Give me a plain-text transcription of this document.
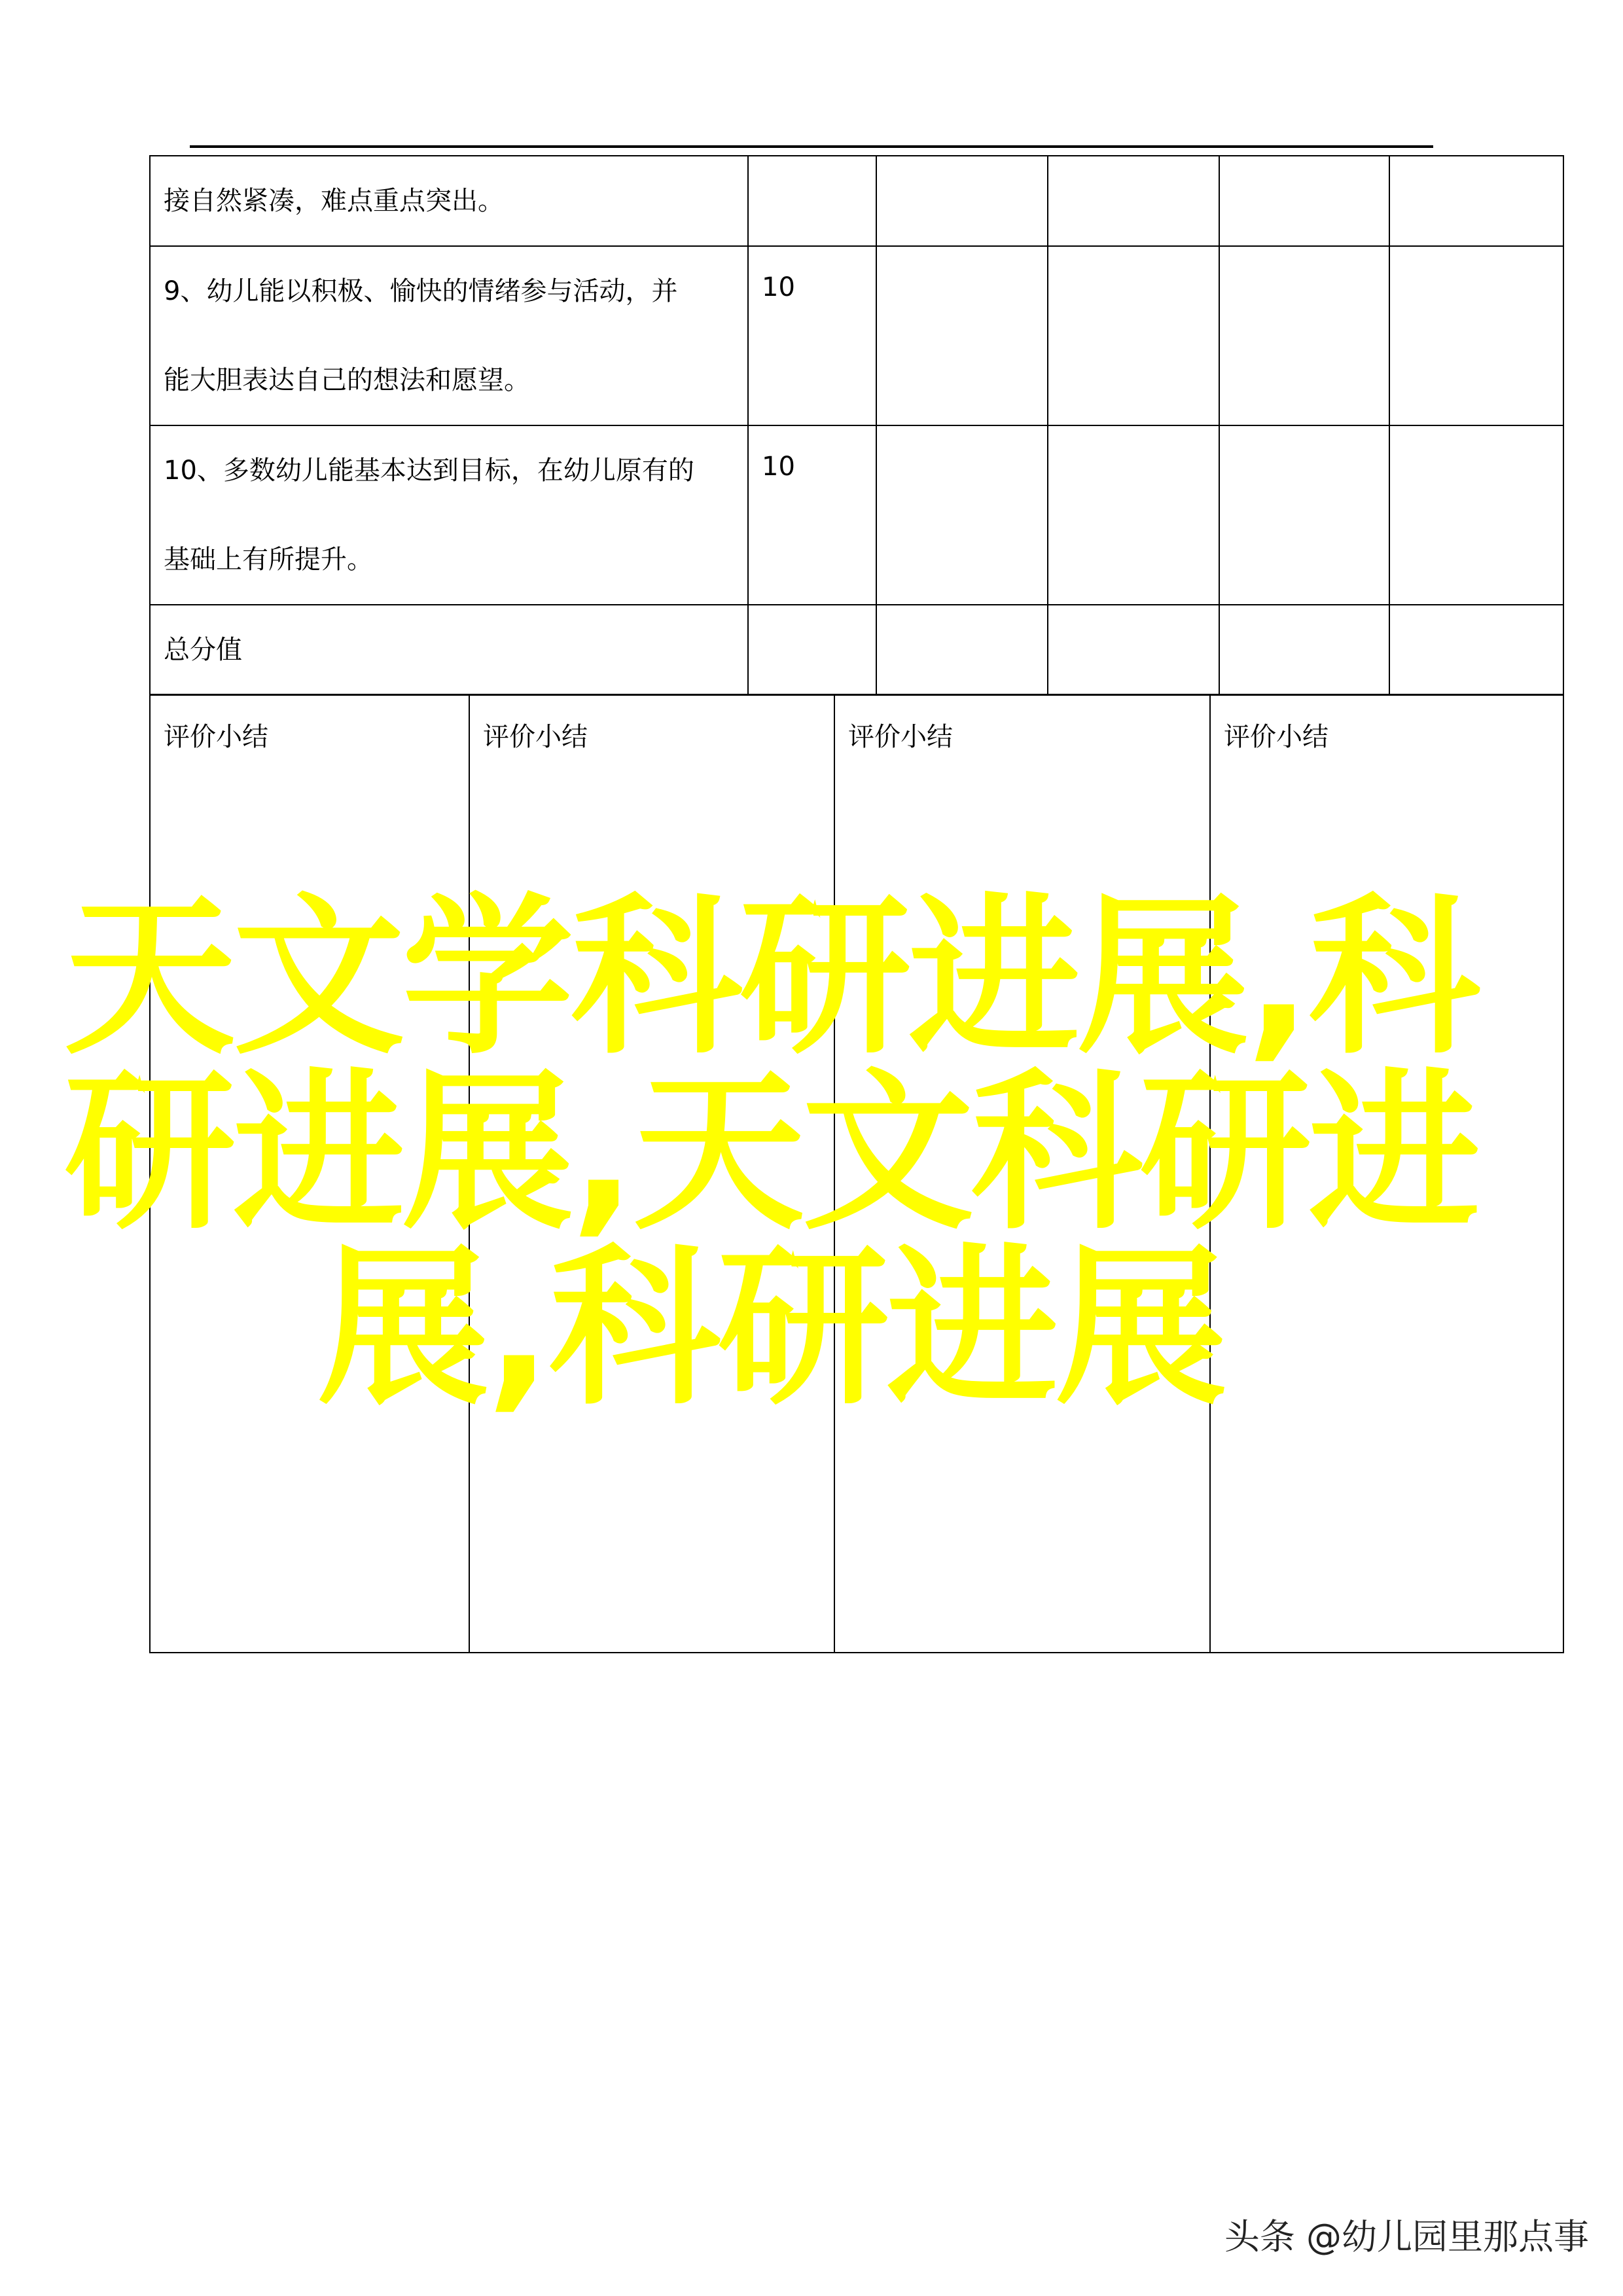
接自然紧凑，难点重点突出。					

9、幼儿能以积极、愉快的情绪参与活动，并
能大胆表达自己的想法和愿望。	10				

10、多数幼儿能基本达到目标，在幼儿原有的
基础上有所提升。	10				

总分值					

评价小结	评价小结	评价小结	评价小结
天文学科研进展,科研进展,天文科研进展,科研进展
头条 @幼儿园里那点事
